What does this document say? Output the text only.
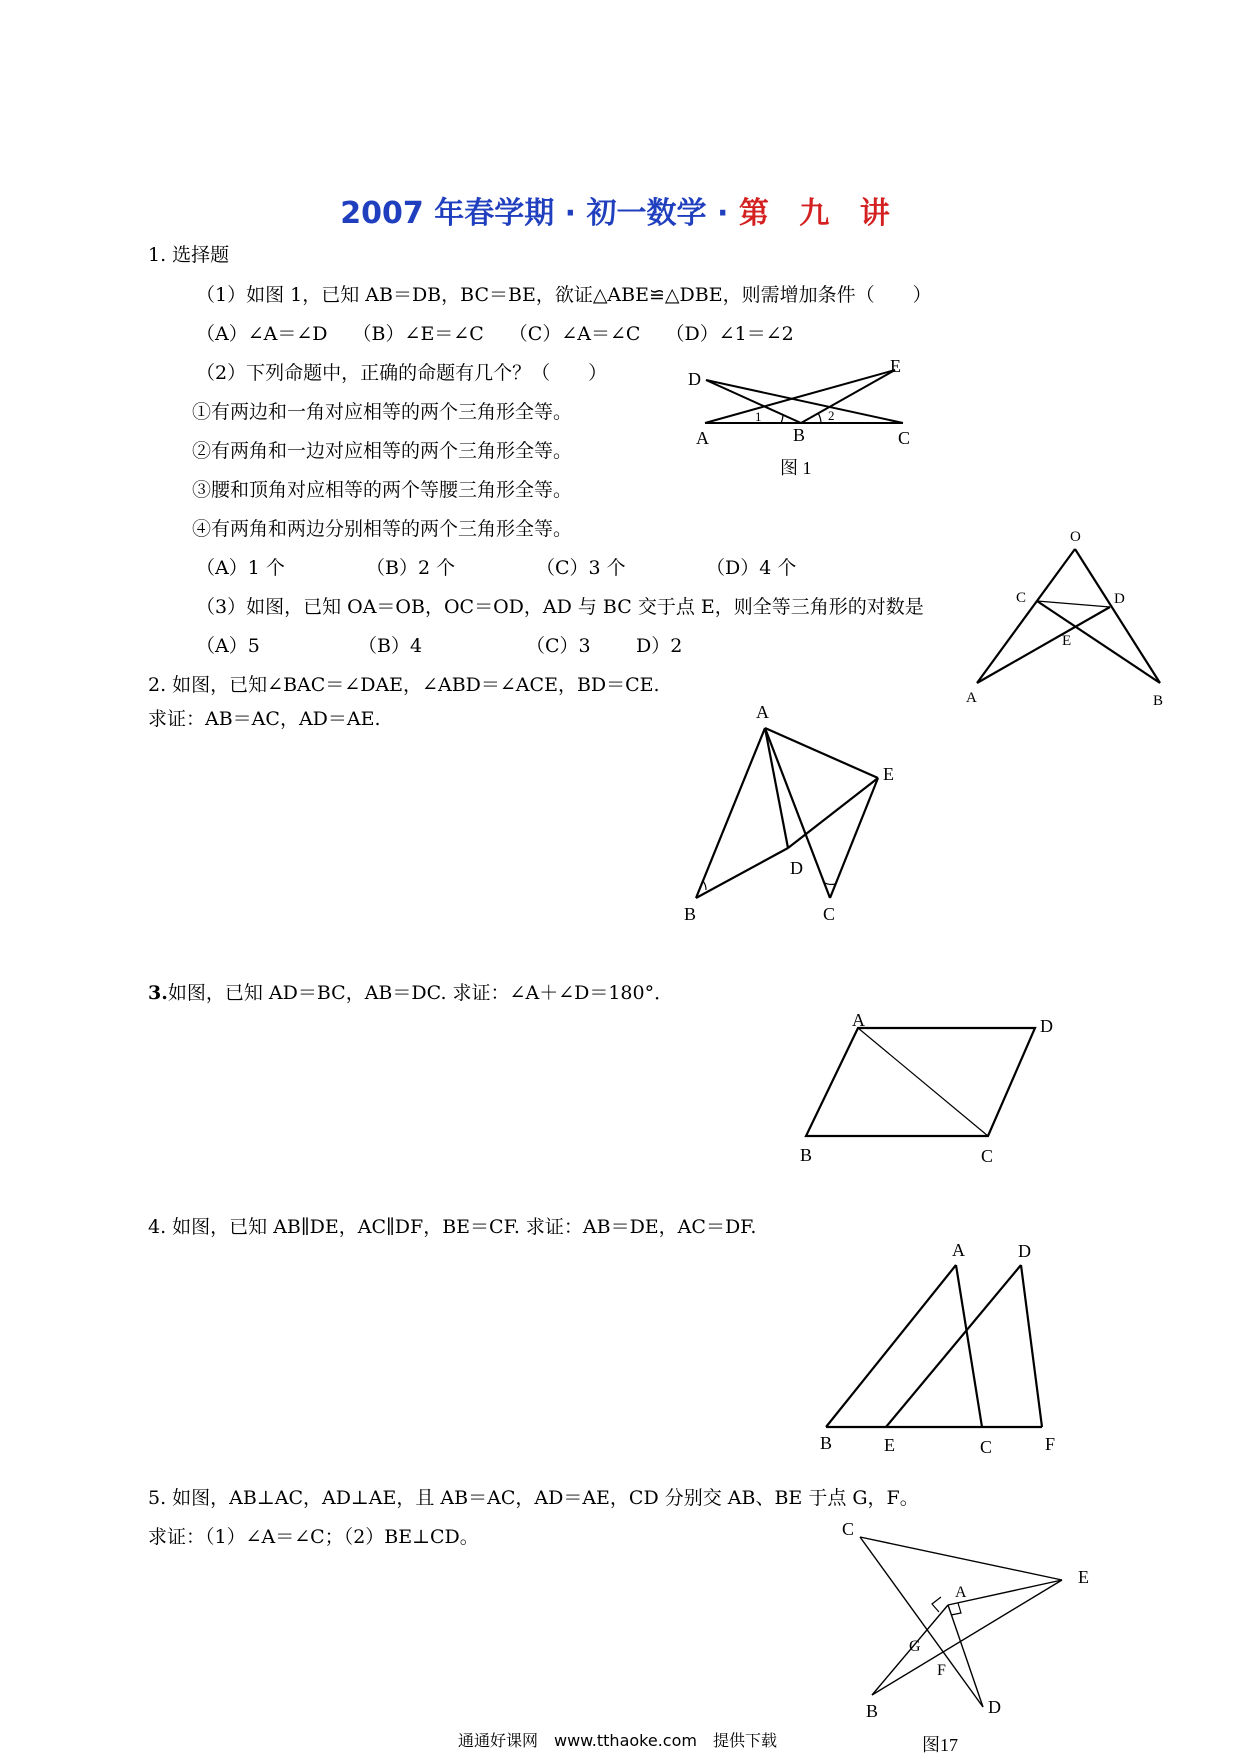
2007 年春学期 · 初一数学 · 第 九 讲
1. 选择题
（1）如图 1，已知 AB＝DB，BC＝BE，欲证△ABE≌△DBE，则需增加条件（　　）
（A）∠A＝∠D　 （B）∠E＝∠C　 （C）∠A＝∠C　 （D）∠1＝∠2
（2）下列命题中，正确的命题有几个？（　　）
①有两边和一角对应相等的两个三角形全等。
②有两角和一边对应相等的两个三角形全等。
③腰和顶角对应相等的两个等腰三角形全等。
④有两角和两边分别相等的两个三角形全等。
（A）1 个	（B）2 个	（C）3 个	（D）4 个
（3）如图，已知 OA＝OB，OC＝OD，AD 与 BC 交于点 E，则全等三角形的对数是
（A）5	（B）4	（C）3 D）2
D
E
A	B	C
1	2
图 1
O
C	D
E
A	B
2. 如图，已知∠BAC＝∠DAE，∠ABD＝∠ACE，BD＝CE.
求证：AB＝AC，AD＝AE.	A
E
D
B	C
3.如图，已知 AD＝BC，AB＝DC. 求证：∠A＋∠D＝180°．
A	D
B	C
4. 如图，已知 AB∥DE，AC∥DF，BE＝CF. 求证：AB＝DE，AC＝DF.
A	D
B	E	C	F
5. 如图，AB⊥AC，AD⊥AE，且 AB＝AC，AD＝AE，CD 分别交 AB、BE 于点 G，F。
求证：（1）∠A＝∠C；（2）BE⊥CD。	C
A
E
G
F
B	D
图17
通通好课网　www.tthaoke.com　提供下载
